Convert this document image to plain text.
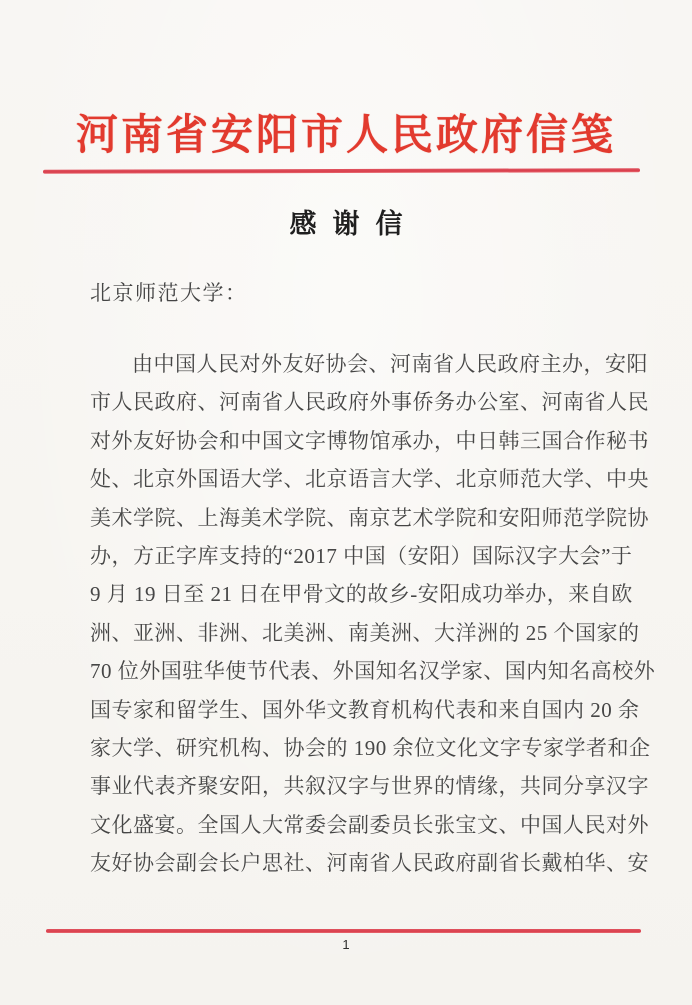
河南省安阳市人民政府信笺
感谢信
北京师范大学：
由中国人民对外友好协会、河南省人民政府主办，安阳
市人民政府、河南省人民政府外事侨务办公室、河南省人民
对外友好协会和中国文字博物馆承办，中日韩三国合作秘书
处、北京外国语大学、北京语言大学、北京师范大学、中央
美术学院、上海美术学院、南京艺术学院和安阳师范学院协
办，方正字库支持的“2017 中国（安阳）国际汉字大会”于
9 月 19 日至 21 日在甲骨文的故乡-安阳成功举办，来自欧
洲、亚洲、非洲、北美洲、南美洲、大洋洲的 25 个国家的
70 位外国驻华使节代表、外国知名汉学家、国内知名高校外
国专家和留学生、国外华文教育机构代表和来自国内 20 余
家大学、研究机构、协会的 190 余位文化文字专家学者和企
事业代表齐聚安阳，共叙汉字与世界的情缘，共同分享汉字
文化盛宴。全国人大常委会副委员长张宝文、中国人民对外
友好协会副会长户思社、河南省人民政府副省长戴柏华、安
1
